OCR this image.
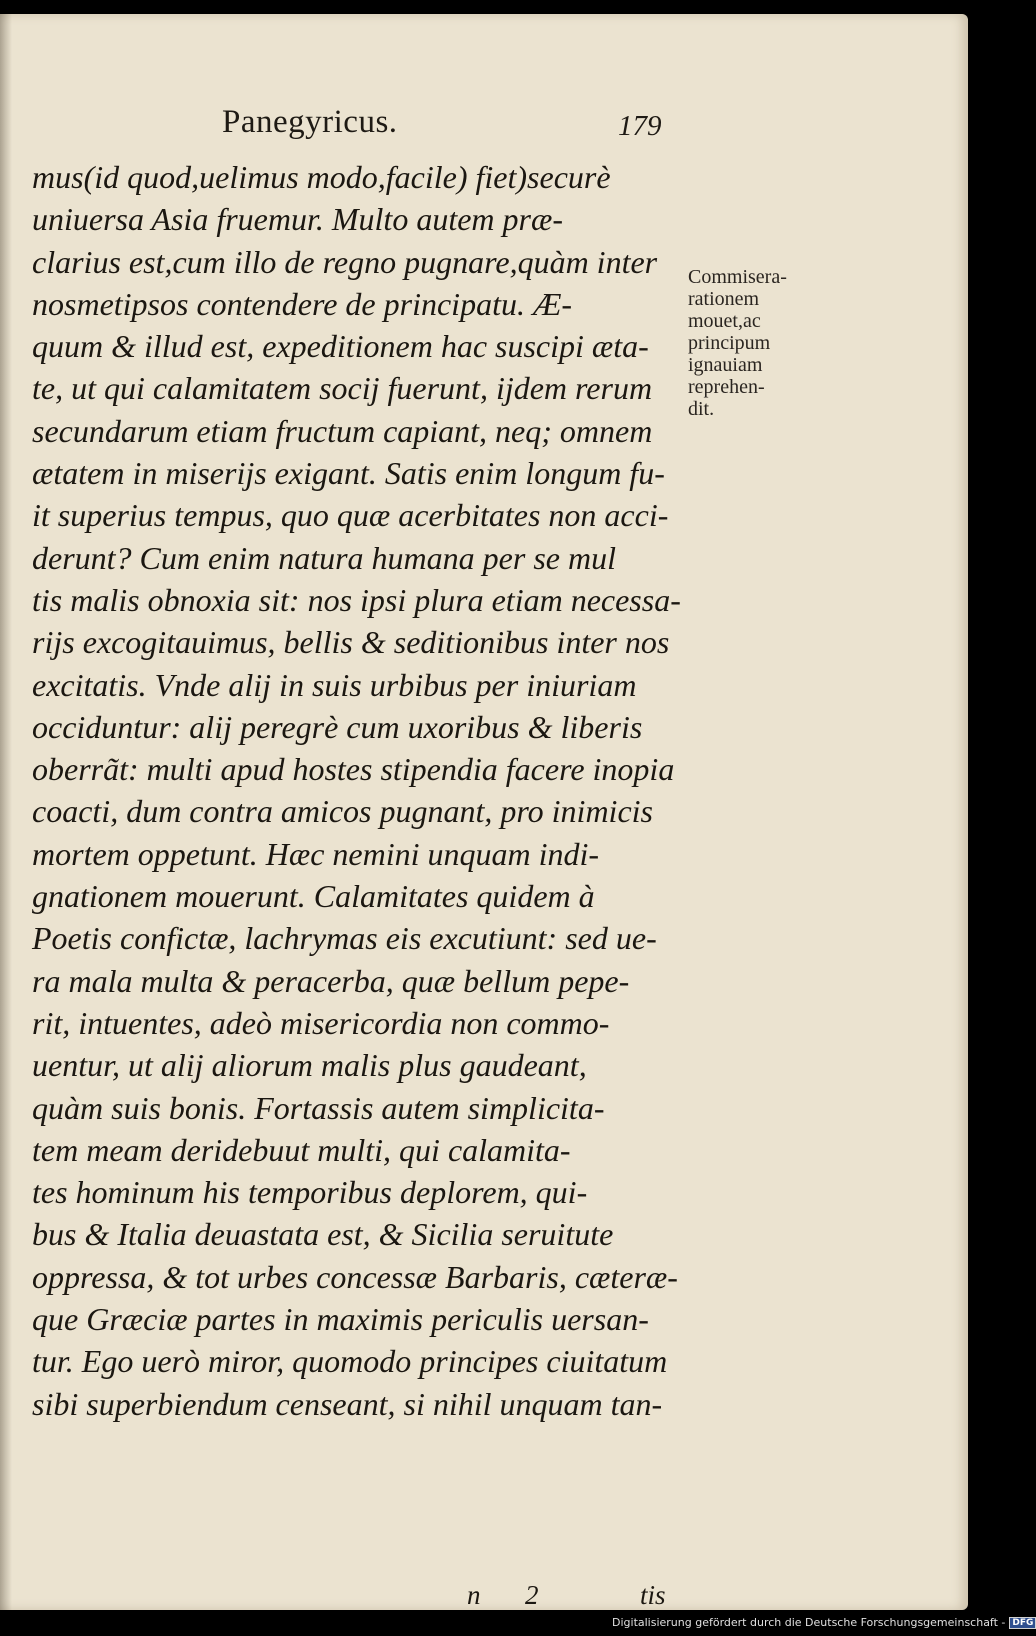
Panegyricus.	179
mus(id quod,uelimus modo,facile) fiet)securè
uniuersa Asia fruemur. Multo autem præ-
clarius est,cum illo de regno pugnare,quàm inter
nosmetipsos contendere de principatu. Æ-
quum & illud est, expeditionem hac suscipi æta-
te, ut qui calamitatem socij fuerunt, ijdem rerum
secundarum etiam fructum capiant, neq; omnem
ætatem in miserijs exigant. Satis enim longum fu-
it superius tempus, quo quæ acerbitates non acci-
derunt? Cum enim natura humana per se mul
tis malis obnoxia sit: nos ipsi plura etiam necessa-
rijs excogitauimus, bellis & seditionibus inter nos
excitatis. Vnde alij in suis urbibus per iniuriam
occiduntur: alij peregrè cum uxoribus & liberis
oberrãt: multi apud hostes stipendia facere inopia
coacti, dum contra amicos pugnant, pro inimicis
mortem oppetunt. Hæc nemini unquam indi-
gnationem mouerunt. Calamitates quidem à
Poetis confictæ, lachrymas eis excutiunt: sed ue-
ra mala multa & peracerba, quæ bellum pepe-
rit, intuentes, adeò misericordia non commo-
uentur, ut alij aliorum malis plus gaudeant,
quàm suis bonis. Fortassis autem simplicita-
tem meam deridebuut multi, qui calamita-
tes hominum his temporibus deplorem, qui-
bus & Italia deuastata est, & Sicilia seruitute
oppressa, & tot urbes concessæ Barbaris, cæteræ-
que Græciæ partes in maximis periculis uersan-
tur. Ego uerò miror, quomodo principes ciuitatum
sibi superbiendum censeant, si nihil unquam tan-
Commisera-
rationem
mouet,ac
principum
ignauiam
reprehen-
dit.
n 2	tis
Digitalisierung gefördert durch die Deutsche Forschungsgemeinschaft - DFG
